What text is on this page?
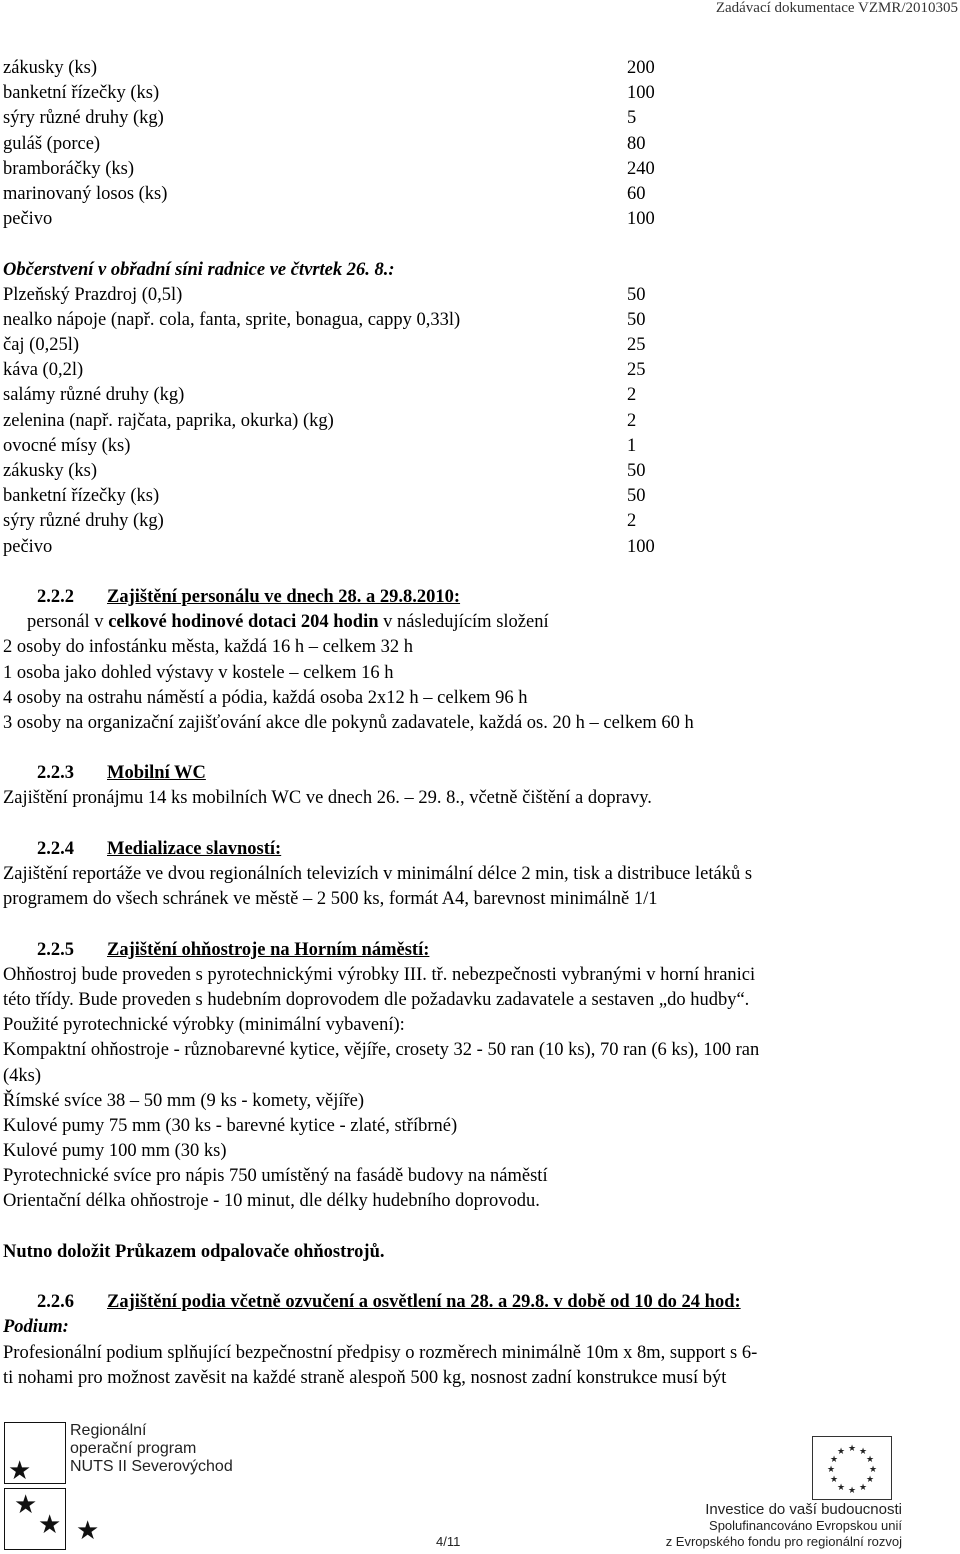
Zadávací dokumentace VZMR/2010305
zákusky (ks)	200
banketní řízečky (ks)	100
sýry různé druhy (kg)	5
guláš (porce)	80
bramboráčky (ks)	240
marinovaný losos (ks)	60
pečivo	100
Občerstvení v obřadní síni radnice ve čtvrtek 26. 8.:
Plzeňský Prazdroj (0,5l)	50
nealko nápoje (např. cola, fanta, sprite, bonagua, cappy 0,33l)	50
čaj (0,25l)	25
káva (0,2l)	25
salámy různé druhy (kg)	2
zelenina (např. rajčata, paprika, okurka) (kg)	2
ovocné mísy (ks)	1
zákusky (ks)	50
banketní řízečky (ks)	50
sýry různé druhy (kg)	2
pečivo	100
2.2.2 Zajištění personálu ve dnech 28. a 29.8.2010:
personál v celkové hodinové dotaci 204 hodin v následujícím složení
2 osoby do infostánku města, každá 16 h – celkem 32 h
1 osoba jako dohled výstavy v kostele – celkem 16 h
4 osoby na ostrahu náměstí a pódia, každá osoba 2x12 h – celkem 96 h
3 osoby na organizační zajišťování akce dle pokynů zadavatele, každá os. 20 h – celkem 60 h
2.2.3 Mobilní WC
Zajištění pronájmu 14 ks mobilních WC ve dnech 26. – 29. 8., včetně čištění a dopravy.
2.2.4 Medializace slavností:
Zajištění reportáže ve dvou regionálních televizích v minimální délce 2 min, tisk a distribuce letáků s
programem do všech schránek ve městě – 2 500 ks, formát A4, barevnost minimálně 1/1
2.2.5 Zajištění ohňostroje na Horním náměstí:
Ohňostroj bude proveden s pyrotechnickými výrobky III. tř. nebezpečnosti vybranými v horní hranici
této třídy. Bude proveden s hudebním doprovodem dle požadavku zadavatele a sestaven „do hudby“.
Použité pyrotechnické výrobky (minimální vybavení):
Kompaktní ohňostroje - různobarevné kytice, vějíře, crosety 32 - 50 ran (10 ks), 70 ran (6 ks), 100 ran
(4ks)
Římské svíce 38 – 50 mm (9 ks - komety, vějíře)
Kulové pumy 75 mm (30 ks - barevné kytice - zlaté, stříbrné)
Kulové pumy 100 mm (30 ks)
Pyrotechnické svíce pro nápis 750 umístěný na fasádě budovy na náměstí
Orientační délka ohňostroje - 10 minut, dle délky hudebního doprovodu.
Nutno doložit Průkazem odpalovače ohňostrojů.
2.2.6 Zajištění podia včetně ozvučení a osvětlení na 28. a 29.8. v době od 10 do 24 hod:
Podium:
Profesionální podium splňující bezpečnostní předpisy o rozměrech minimálně 10m x 8m, support s 6-
ti nohami pro možnost zavěsit na každé straně alespoň 500 kg, nosnost zadní konstrukce musí být
★
★
★ ★
Regionální
operační program
NUTS II Severovýchod
4/11
★ ★
★
★
★
★
★
★
★
★
★
★
Investice do vaší budoucnosti
Spolufinancováno Evropskou unií
z Evropského fondu pro regionální rozvoj
